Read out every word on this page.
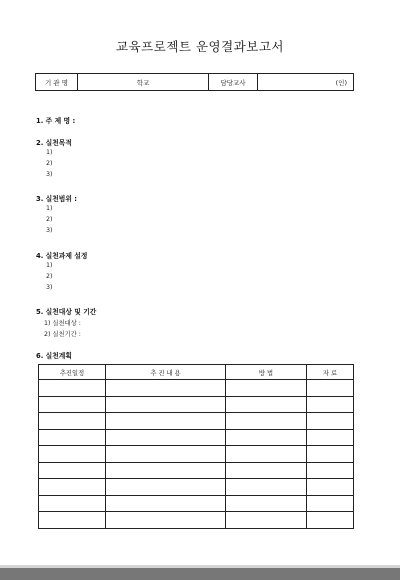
교육프로젝트 운영결과보고서
기 관 명	학교	담당교사	(인)
1. 주 제 명 :
2. 실천목적
1)
2)
3)
3. 실천범위 :
1)
2)
3)
4. 실천과제 설정
1)
2)
3)
5. 실천대상 및 기간
1) 실천대상 :
2) 실천기간 :
6. 실천계획
추진일정	추 진 내 용	방 법	자 료
